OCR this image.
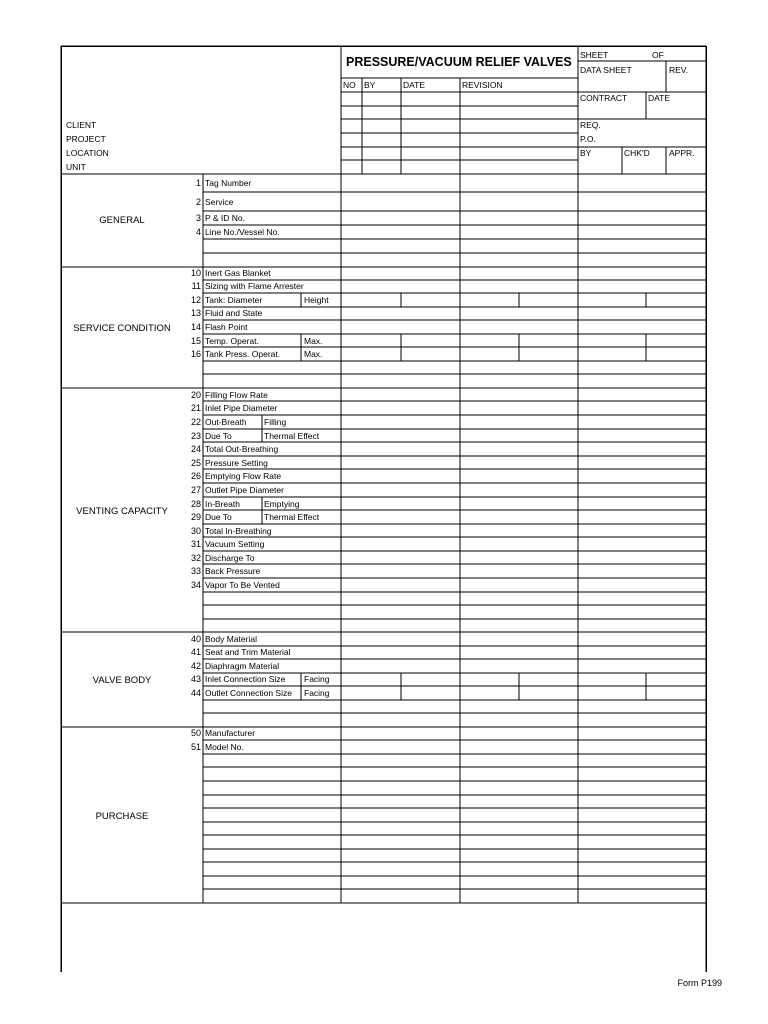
PRESSURE/VACUUM RELIEF VALVES SHEET	OF
DATA SHEET	REV.
CONTRACT DATE
REQ.
P.O.
BY	CHK'D APPR.
NO BY	DATE	REVISION
CLIENT
PROJECT
LOCATION
UNIT
GENERAL
SERVICE CONDITION
VENTING CAPACITY
VALVE BODY
PURCHASE
1 Tag Number
2 Service
3 P & ID No.
4 Line No./Vessel No.
10 Inert Gas Blanket
11 Sizing with Flame Arrester
12 Tank: Diameter	Height
13 Fluid and State
14 Flash Point
15 Temp. Operat.	Max.
16 Tank Press. Operat.	Max.
20 Filling Flow Rate
21 Inlet Pipe Diameter
22 Out-Breath Filling
23 Due To	Thermal Effect
24 Total Out-Breathing
25 Pressure Setting
26 Emptying Flow Rate
27 Outlet Pipe Diameter
28 In-Breath	Emptying
29 Due To	Thermal Effect
30 Total In-Breathing
31 Vacuum Setting
32 Discharge To
33 Back Pressure
34 Vapor To Be Vented
40 Body Material
41 Seat and Trim Material
42 Diaphragm Material
43 Inlet Connection Size Facing
44 Outlet Connection Size Facing
50 Manufacturer
51 Model No.
Form P199
